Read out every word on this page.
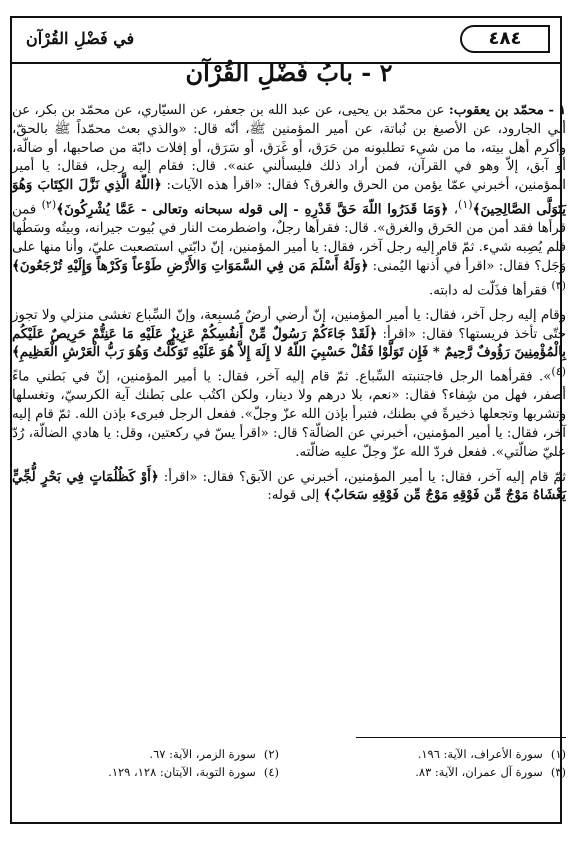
٤٨٤
في فَضْلِ القُرْآن
٢ - بابُ فَضْلِ القُرْآن

١ - محمّد بن يعقوب: عن محمّد بن يحيى، عن عبد الله بن جعفر، عن السيّاري، عن محمّد بن بكر، عن أبي الجارود، عن الأصبغ بن نُباتة، عن أمير المؤمنين ﷺ، أنّه قال: «والذي بعث محمّداً ﷺ بالحقّ، وأكرم أهل بيته، ما من شيء تطلبونه من حَرَق، أو غَرَق، أو سَرَق، أو إفلات دابّة من صاحبها، أو ضالّة، أو آبق، إلاّ وهو في القرآن، فمن أراد ذلك فليسألني عنه». قال: فقام إليه رجل، فقال: يا أمير المؤمنين، أخبرني عمّا يؤمن من الحرق والغرق؟ فقال: «اقرأ هذه الآيات: ﴿اللّهُ الَّذِي نَزَّلَ الكِتَابَ وَهُوَ يَتَوَلَّى الصَّالِحِينَ﴾$^{(١)}$، ﴿وَمَا قَدَرُوا اللّهَ حَقَّ قَدْرِهِ - إلى قوله سبحانه وتعالى - عَمَّا يُشْرِكُونَ﴾$^{(٢)}$ فمن قرأها فقد أمن من الحَرق والغرق». قال: فقرأها رجلٌ، واضطرمت النار في بُيوت جيرانه، وبيتُه وسَطُها فلم يُصِبه شيء. ثمّ قام إليه رجل آخر، فقال: يا أمير المؤمنين، إنّ دابّتي استصعبت عليّ، وأنا منها على وَجَل؟ فقال: «اقرأ في أُذنها اليُمنى: ﴿وَلَهُ أَسْلَمَ مَن فِي السَّمَوَاتِ وَالأَرْضِ طَوْعاً وَكَرْهاً وَإِلَيْهِ تُرْجَعُونَ﴾$^{(٣)}$ فقرأها فذَلّت له دابته.

وقام إليه رجل آخر، فقال: يا أمير المؤمنين، إنّ أرضي أرضٌ مُسبِعة، وإنّ السِّباع تغشى منزلي ولا تجوز حتّى تأخذ فريستها؟ فقال: «اقرأ: ﴿لَقَدْ جَاءَكُمْ رَسُولٌ مِّنْ أَنفُسِكُمْ عَزِيزٌ عَلَيْهِ مَا عَنِتُّمْ حَرِيصٌ عَلَيْكُم بِالْمُؤْمِنِينَ رَؤُوفٌ رَّحِيمٌ * فَإِن تَوَلَّوْا فَقُلْ حَسْبِيَ اللّهُ لا إِلَهَ إِلاَّ هُوَ عَلَيْهِ تَوَكَّلْتُ وَهُوَ رَبُّ الْعَرْشِ الْعَظِيمِ﴾$^{(٤)}$». فقرأهما الرجل فاجتنبته السِّباع. ثمّ قام إليه آخر، فقال: يا أمير المؤمنين، إنّ في بَطني ماءً أصفر، فهل من شِفاء؟ فقال: «نعم، بلا درهم ولا دينار، ولكن اكتُب على بَطنك آية الكرسيّ، وتغسلها وتشربها وتجعلها ذخيرةً في بطنك، فتبرأ بإذن الله عزّ وجلّ». ففعل الرجل فبرىء بإذن الله. ثمّ قام إليه آخر، فقال: يا أمير المؤمنين، أخبرني عن الضالّة؟ قال: «اقرأ يسّ في ركعتين، وقل: يا هادي الضالّة، رُدّ عليّ ضالّتي». ففعل فردّ الله عزّ وجلّ عليه ضالّته.

ثمّ قام إليه آخر، فقال: يا أمير المؤمنين، أخبرني عن الآبق؟ فقال: «اقرأ: ﴿أَوْ كَظُلُمَاتٍ فِي بَحْرٍ لُّجِّيٍّ يَغْشَاهُ مَوْجٌ مِّن فَوْقِهِ مَوْجٌ مِّن فَوْقِهِ سَحَابٌ﴾ إلى قوله:

(١)
سورة الأعراف، الآية: ١٩٦.
(٢)
سورة الزمر، الآية: ٦٧.
(٣)
سورة آل عمران، الآية: ٨٣.
(٤)
سورة التوبة، الآيتان: ١٢٨، ١٢٩.
